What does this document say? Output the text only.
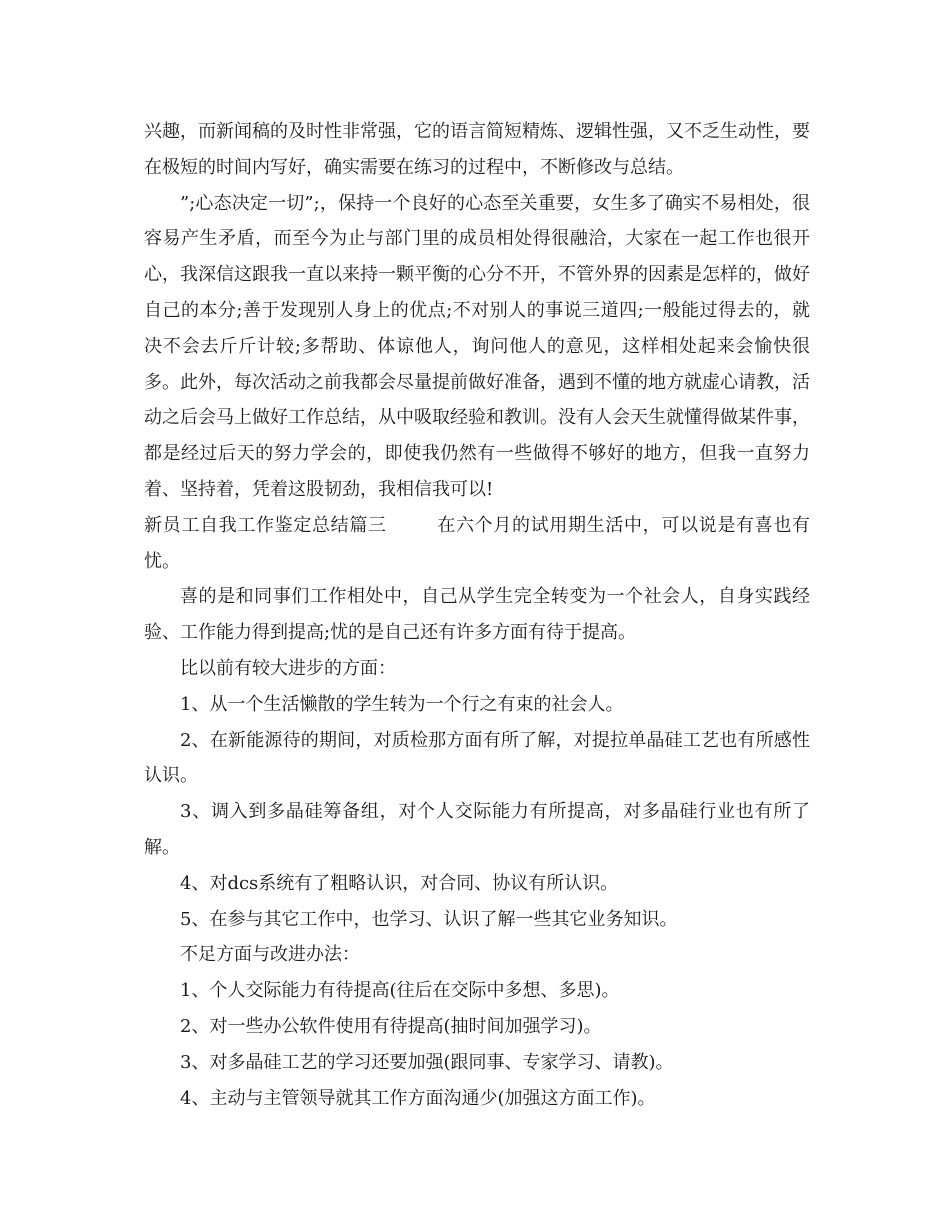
兴趣，而新闻稿的及时性非常强，它的语言简短精炼、逻辑性强，又不乏生动性，要在极短的时间内写好，确实需要在练习的过程中，不断修改与总结。

”;心态决定一切”;，保持一个良好的心态至关重要，女生多了确实不易相处，很容易产生矛盾，而至今为止与部门里的成员相处得很融洽，大家在一起工作也很开心，我深信这跟我一直以来持一颗平衡的心分不开，不管外界的因素是怎样的，做好自己的本分;善于发现别人身上的优点;不对别人的事说三道四;一般能过得去的，就决不会去斤斤计较;多帮助、体谅他人，询问他人的意见，这样相处起来会愉快很多。此外，每次活动之前我都会尽量提前做好准备，遇到不懂的地方就虚心请教，活动之后会马上做好工作总结，从中吸取经验和教训。没有人会天生就懂得做某件事，都是经过后天的努力学会的，即使我仍然有一些做得不够好的地方，但我一直努力着、坚持着，凭着这股韧劲，我相信我可以!

新员工自我工作鉴定总结篇三	在六个月的试用期生活中，可以说是有喜也有忧。

喜的是和同事们工作相处中，自己从学生完全转变为一个社会人，自身实践经验、工作能力得到提高;忧的是自己还有许多方面有待于提高。

比以前有较大进步的方面：

1、从一个生活懒散的学生转为一个行之有束的社会人。

2、在新能源待的期间，对质检那方面有所了解，对提拉单晶硅工艺也有所感性认识。

3、调入到多晶硅筹备组，对个人交际能力有所提高，对多晶硅行业也有所了解。

4、对dcs系统有了粗略认识，对合同、协议有所认识。

5、在参与其它工作中，也学习、认识了解一些其它业务知识。

不足方面与改进办法：

1、个人交际能力有待提高(往后在交际中多想、多思)。

2、对一些办公软件使用有待提高(抽时间加强学习)。

3、对多晶硅工艺的学习还要加强(跟同事、专家学习、请教)。

4、主动与主管领导就其工作方面沟通少(加强这方面工作)。
